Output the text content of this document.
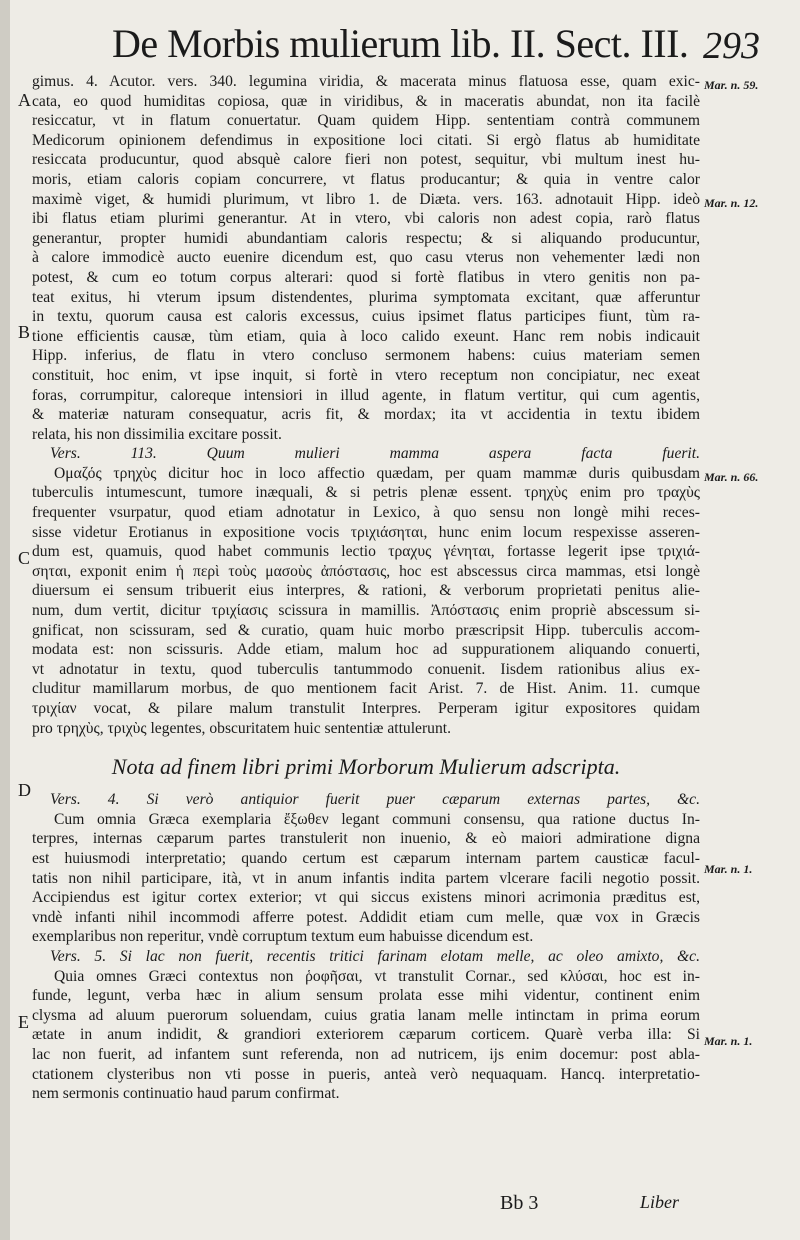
De Morbis mulierum lib. II. Sect. III. 293
gimus. 4. Acutor. vers. 340. legumina viridia, & macerata minus flatuosa esse, quam exic-
cata, eo quod humiditas copiosa, quæ in viridibus, & in maceratis abundat, non ita facilè
resiccatur, vt in flatum conuertatur. Quam quidem Hipp. sententiam contrà communem
Medicorum opinionem defendimus in expositione loci citati. Si ergò flatus ab humiditate
resiccata producuntur, quod absquè calore fieri non potest, sequitur, vbi multum inest hu-
moris, etiam caloris copiam concurrere, vt flatus producantur; & quia in ventre calor
maximè viget, & humidi plurimum, vt libro 1. de Diæta. vers. 163. adnotauit Hipp. ideò
ibi flatus etiam plurimi generantur. At in vtero, vbi caloris non adest copia, rarò flatus
generantur, propter humidi abundantiam caloris respectu; & si aliquando producuntur,
à calore immodicè aucto euenire dicendum est, quo casu vterus non vehementer lædi non
potest, & cum eo totum corpus alterari: quod si fortè flatibus in vtero genitis non pa-
teat exitus, hi vterum ipsum distendentes, plurima symptomata excitant, quæ afferuntur
in textu, quorum causa est caloris excessus, cuius ipsimet flatus participes fiunt, tùm ra-
tione efficientis causæ, tùm etiam, quia à loco calido exeunt. Hanc rem nobis indicauit
Hipp. inferius, de flatu in vtero concluso sermonem habens: cuius materiam semen
constituit, hoc enim, vt ipse inquit, si fortè in vtero receptum non concipiatur, nec exeat
foras, corrumpitur, caloreque intensiori in illud agente, in flatum vertitur, qui cum agentis,
& materiæ naturam consequatur, acris fit, & mordax; ita vt accidentia in textu ibidem
relata, his non dissimilia excitare possit.
Vers. 113. Quum mulieri mamma aspera facta fuerit.
Ομαζός τρηχὺς dicitur hoc in loco affectio quædam, per quam mammæ duris quibusdam
tuberculis intumescunt, tumore inæquali, & si petris plenæ essent. τρηχὺς enim pro τραχὺς
frequenter vsurpatur, quod etiam adnotatur in Lexico, à quo sensu non longè mihi reces-
sisse videtur Erotianus in expositione vocis τριχιάσηται, hunc enim locum respexisse asseren-
dum est, quamuis, quod habet communis lectio τραχυς γένηται, fortasse legerit ipse τριχιά-
σηται, exponit enim ἡ περὶ τοὺς μασοὺς ἀπόστασις, hoc est abscessus circa mammas, etsi longè
diuersum ei sensum tribuerit eius interpres, & rationi, & verborum proprietati penitus alie-
num, dum vertit, dicitur τριχίασις scissura in mamillis. Ἀπόστασις enim propriè abscessum si-
gnificat, non scissuram, sed & curatio, quam huic morbo præscripsit Hipp. tuberculis accom-
modata est: non scissuris. Adde etiam, malum hoc ad suppurationem aliquando conuerti,
vt adnotatur in textu, quod tuberculis tantummodo conuenit. Iisdem rationibus alius ex-
cluditur mamillarum morbus, de quo mentionem facit Arist. 7. de Hist. Anim. 11. cumque
τριχίαν vocat, & pilare malum transtulit Interpres. Perperam igitur expositores quidam
pro τρηχὺς, τριχὺς legentes, obscuritatem huic sententiæ attulerunt.
Nota ad finem libri primi Morborum Mulierum adscripta.
Vers. 4. Si verò antiquior fuerit puer cæparum externas partes, &c.
Cum omnia Græca exemplaria ἔξωθεν legant communi consensu, qua ratione ductus In-
terpres, internas cæparum partes transtulerit non inuenio, & eò maiori admiratione digna
est huiusmodi interpretatio; quando certum est cæparum internam partem causticæ facul-
tatis non nihil participare, ità, vt in anum infantis indita partem vlcerare facili negotio possit.
Accipiendus est igitur cortex exterior; vt qui siccus existens minori acrimonia præditus est,
vndè infanti nihil incommodi afferre potest. Addidit etiam cum melle, quæ vox in Græcis
exemplaribus non reperitur, vndè corruptum textum eum habuisse dicendum est.
Vers. 5. Si lac non fuerit, recentis tritici farinam elotam melle, ac oleo amixto, &c.
Quia omnes Græci contextus non ῥοφῆσαι, vt transtulit Cornar., sed κλύσαι, hoc est in-
funde, legunt, verba hæc in alium sensum prolata esse mihi videntur, continent enim
clysma ad aluum puerorum soluendam, cuius gratia lanam melle intinctam in prima eorum
ætate in anum indidit, & grandiori exteriorem cæparum corticem. Quarè verba illa: Si
lac non fuerit, ad infantem sunt referenda, non ad nutricem, ijs enim docemur: post abla-
ctationem clysteribus non vti posse in pueris, anteà verò nequaquam. Hancq. interpretatio-
nem sermonis continuatio haud parum confirmat.
A
B
C
D
E
Mar. n. 59.
Mar. n. 12.
Mar. n. 66.
Mar. n. 1.
Mar. n. 1.
Bb 3	Liber
